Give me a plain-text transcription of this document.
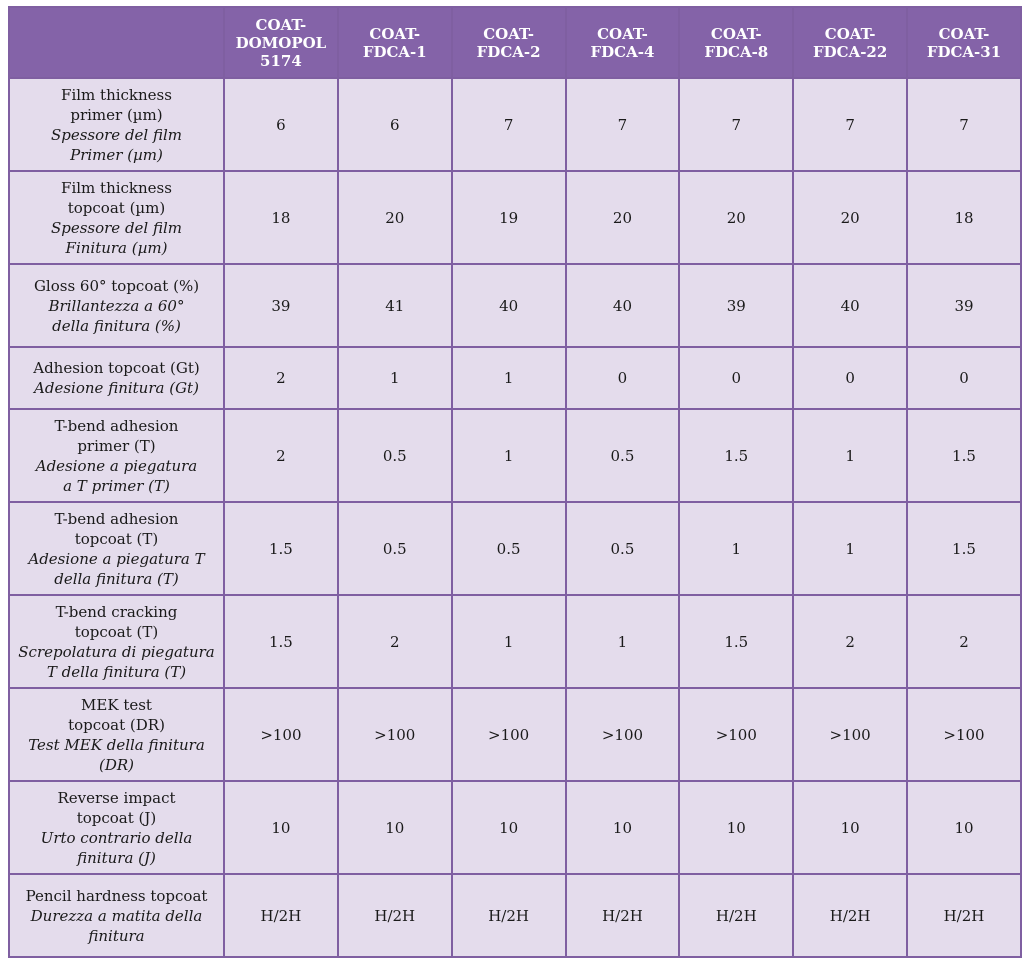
	COAT-
DOMOPOL
5174	COAT-
FDCA-1	COAT-
FDCA-2	COAT-
FDCA-4	COAT-
FDCA-8	COAT-
FDCA-22	COAT-
FDCA-31

Film thickness
primer (µm)
Spessore del film
Primer (µm)	6	6	7	7	7	7	7

Film thickness
topcoat (µm)
Spessore del film
Finitura (µm)	18	20	19	20	20	20	18

Gloss 60° topcoat (%)
Brillantezza a 60°
della finitura (%)	39	41	40	40	39	40	39

Adhesion topcoat (Gt)
Adesione finitura (Gt)	2	1	1	0	0	0	0

T-bend adhesion
primer (T)
Adesione a piegatura
a T primer (T)	2	0.5	1	0.5	1.5	1	1.5

T-bend adhesion
topcoat (T)
Adesione a piegatura T
della finitura (T)	1.5	0.5	0.5	0.5	1	1	1.5

T-bend cracking
topcoat (T)
Screpolatura di piegatura
T della finitura (T)	1.5	2	1	1	1.5	2	2

MEK test
topcoat (DR)
Test MEK della finitura
(DR)	>100	>100	>100	>100	>100	>100	>100

Reverse impact
topcoat (J)
Urto contrario della
finitura (J)	10	10	10	10	10	10	10

Pencil hardness topcoat
Durezza a matita della
finitura	H/2H	H/2H	H/2H	H/2H	H/2H	H/2H	H/2H
